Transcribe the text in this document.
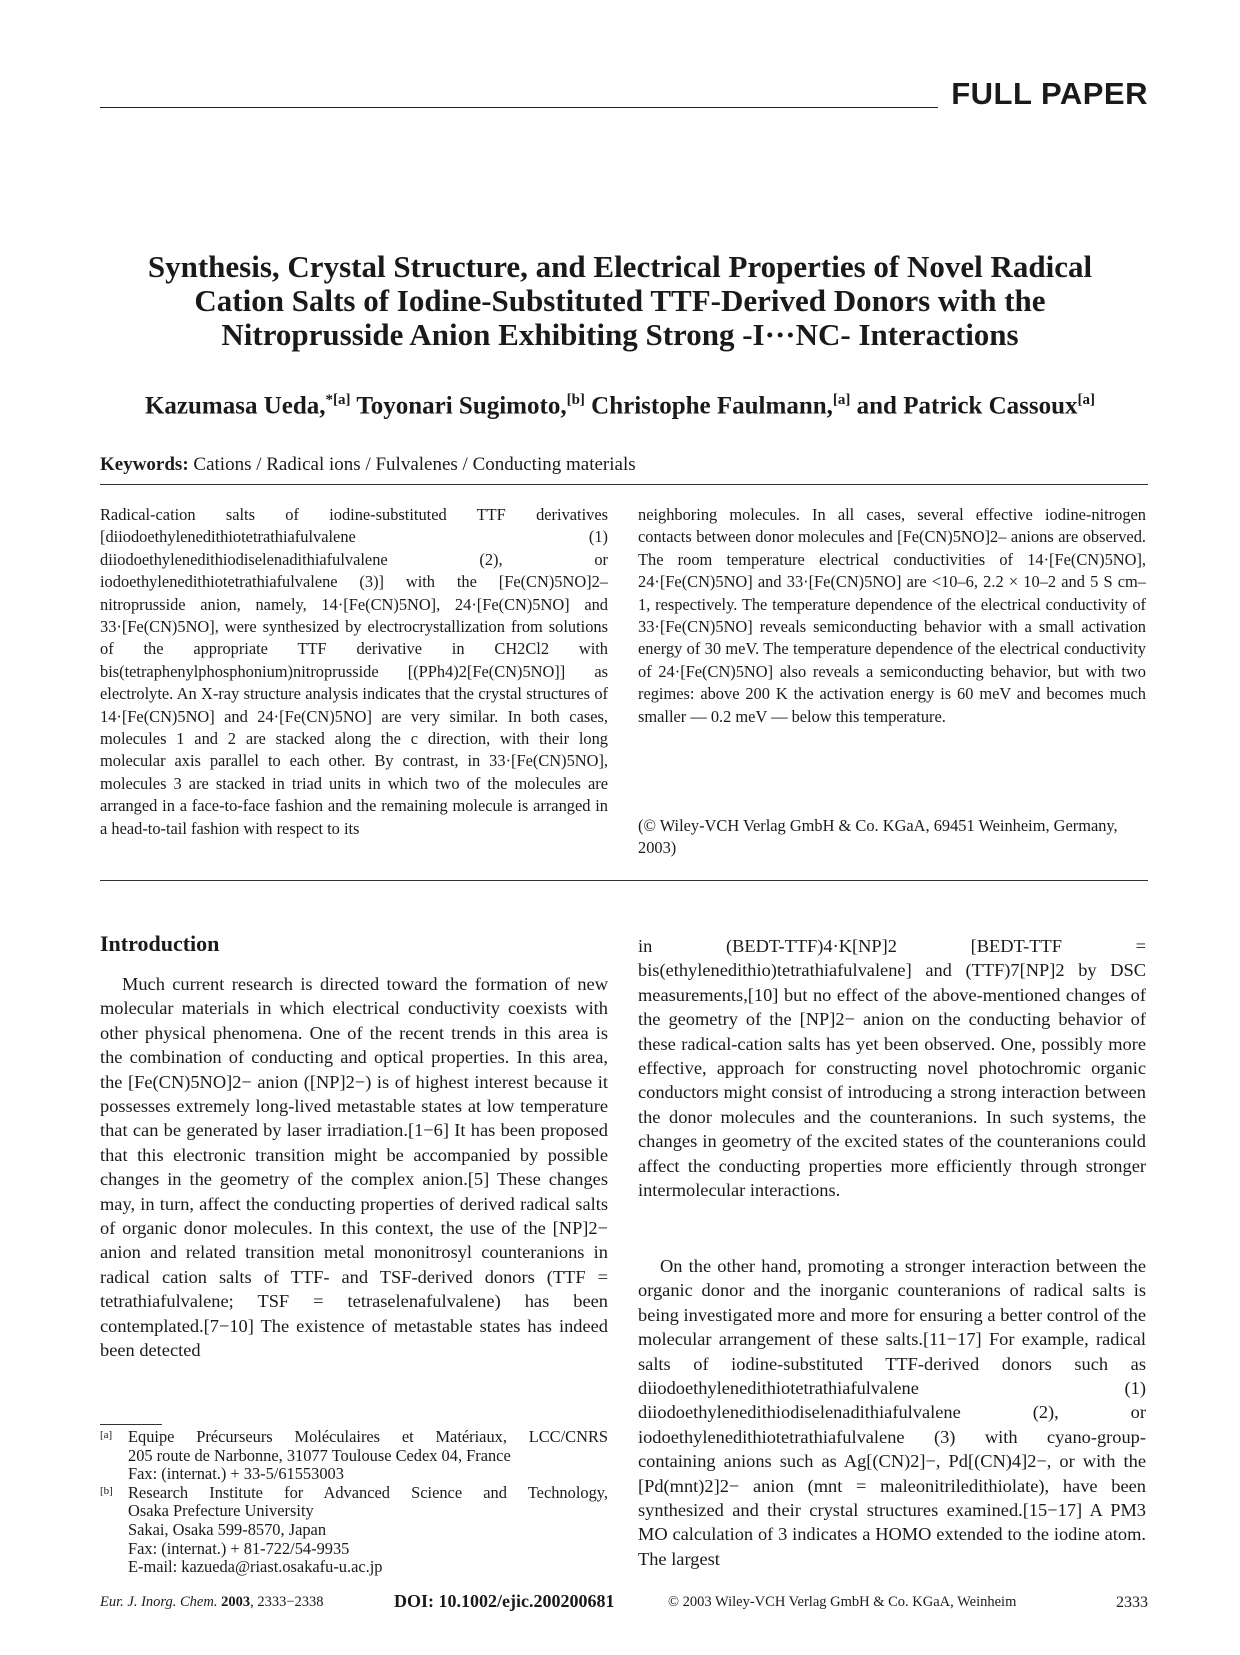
FULL PAPER
Synthesis, Crystal Structure, and Electrical Properties of Novel Radical Cation Salts of Iodine-Substituted TTF-Derived Donors with the Nitroprusside Anion Exhibiting Strong -I···NC- Interactions
Kazumasa Ueda,$^{*[a]}$ Toyonari Sugimoto,[b] Christophe Faulmann,[a] and Patrick Cassoux[a]
Keywords: Cations / Radical ions / Fulvalenes / Conducting materials

Radical-cation salts of iodine-substituted TTF derivatives [diiodoethylenedithiotetrathiafulvalene (1) diiodoethylenedithiodiselenadithiafulvalene (2), or iodoethylenedithiotetrathiafulvalene (3)] with the [Fe(CN)5NO]2– nitroprusside anion, namely, 14·[Fe(CN)5NO], 24·[Fe(CN)5NO] and 33·[Fe(CN)5NO], were synthesized by electrocrystallization from solutions of the appropriate TTF derivative in CH2Cl2 with bis(tetraphenylphosphonium)nitroprusside [(PPh4)2[Fe(CN)5NO]] as electrolyte. An X-ray structure analysis indicates that the crystal structures of 14·[Fe(CN)5NO] and 24·[Fe(CN)5NO] are very similar. In both cases, molecules 1 and 2 are stacked along the c direction, with their long molecular axis parallel to each other. By contrast, in 33·[Fe(CN)5NO], molecules 3 are stacked in triad units in which two of the molecules are arranged in a face-to-face fashion and the remaining molecule is arranged in a head-to-tail fashion with respect to its

neighboring molecules. In all cases, several effective iodine-nitrogen contacts between donor molecules and [Fe(CN)5NO]2– anions are observed. The room temperature electrical conductivities of 14·[Fe(CN)5NO], 24·[Fe(CN)5NO] and 33·[Fe(CN)5NO] are <10–6, 2.2 × 10–2 and 5 S cm–1, respectively. The temperature dependence of the electrical conductivity of 33·[Fe(CN)5NO] reveals semiconducting behavior with a small activation energy of 30 meV. The temperature dependence of the electrical conductivity of 24·[Fe(CN)5NO] also reveals a semiconducting behavior, but with two regimes: above 200 K the activation energy is 60 meV and becomes much smaller — 0.2 meV — below this temperature.

(© Wiley-VCH Verlag GmbH & Co. KGaA, 69451 Weinheim, Germany, 2003)
Introduction

Much current research is directed toward the formation of new molecular materials in which electrical conductivity coexists with other physical phenomena. One of the recent trends in this area is the combination of conducting and optical properties. In this area, the [Fe(CN)5NO]2− anion ([NP]2−) is of highest interest because it possesses extremely long-lived metastable states at low temperature that can be generated by laser irradiation.[1−6] It has been proposed that this electronic transition might be accompanied by possible changes in the geometry of the complex anion.[5] These changes may, in turn, affect the conducting properties of derived radical salts of organic donor molecules. In this context, the use of the [NP]2− anion and related transition metal mononitrosyl counteranions in radical cation salts of TTF- and TSF-derived donors (TTF = tetrathiafulvalene; TSF = tetraselenafulvalene) has been contemplated.[7−10] The existence of metastable states has indeed been detected

in (BEDT-TTF)4·K[NP]2 [BEDT-TTF = bis(ethylenedithio)tetrathiafulvalene] and (TTF)7[NP]2 by DSC measurements,[10] but no effect of the above-mentioned changes of the geometry of the [NP]2− anion on the conducting behavior of these radical-cation salts has yet been observed. One, possibly more effective, approach for constructing novel photochromic organic conductors might consist of introducing a strong interaction between the donor molecules and the counteranions. In such systems, the changes in geometry of the excited states of the counteranions could affect the conducting properties more efficiently through stronger intermolecular interactions.

On the other hand, promoting a stronger interaction between the organic donor and the inorganic counteranions of radical salts is being investigated more and more for ensuring a better control of the molecular arrangement of these salts.[11−17] For example, radical salts of iodine-substituted TTF-derived donors such as diiodoethylenedithiotetrathiafulvalene (1) diiodoethylenedithiodiselenadithiafulvalene (2), or iodoethylenedithiotetrathiafulvalene (3) with cyano-group-containing anions such as Ag[(CN)2]−, Pd[(CN)4]2−, or with the [Pd(mnt)2]2− anion (mnt = maleonitriledithiolate), have been synthesized and their crystal structures examined.[15−17] A PM3 MO calculation of 3 indicates a HOMO extended to the iodine atom. The largest

[a] Equipe Précurseurs Moléculaires et Matériaux, LCC/CNRS
205 route de Narbonne, 31077 Toulouse Cedex 04, France
Fax: (internat.) + 33-5/61553003
[b] Research Institute for Advanced Science and Technology,
Osaka Prefecture University
Sakai, Osaka 599-8570, Japan
Fax: (internat.) + 81-722/54-9935
E-mail: kazueda@riast.osakafu-u.ac.jp
Eur. J. Inorg. Chem. 2003, 2333−2338	DOI: 10.1002/ejic.200200681	© 2003 Wiley-VCH Verlag GmbH & Co. KGaA, Weinheim	2333
